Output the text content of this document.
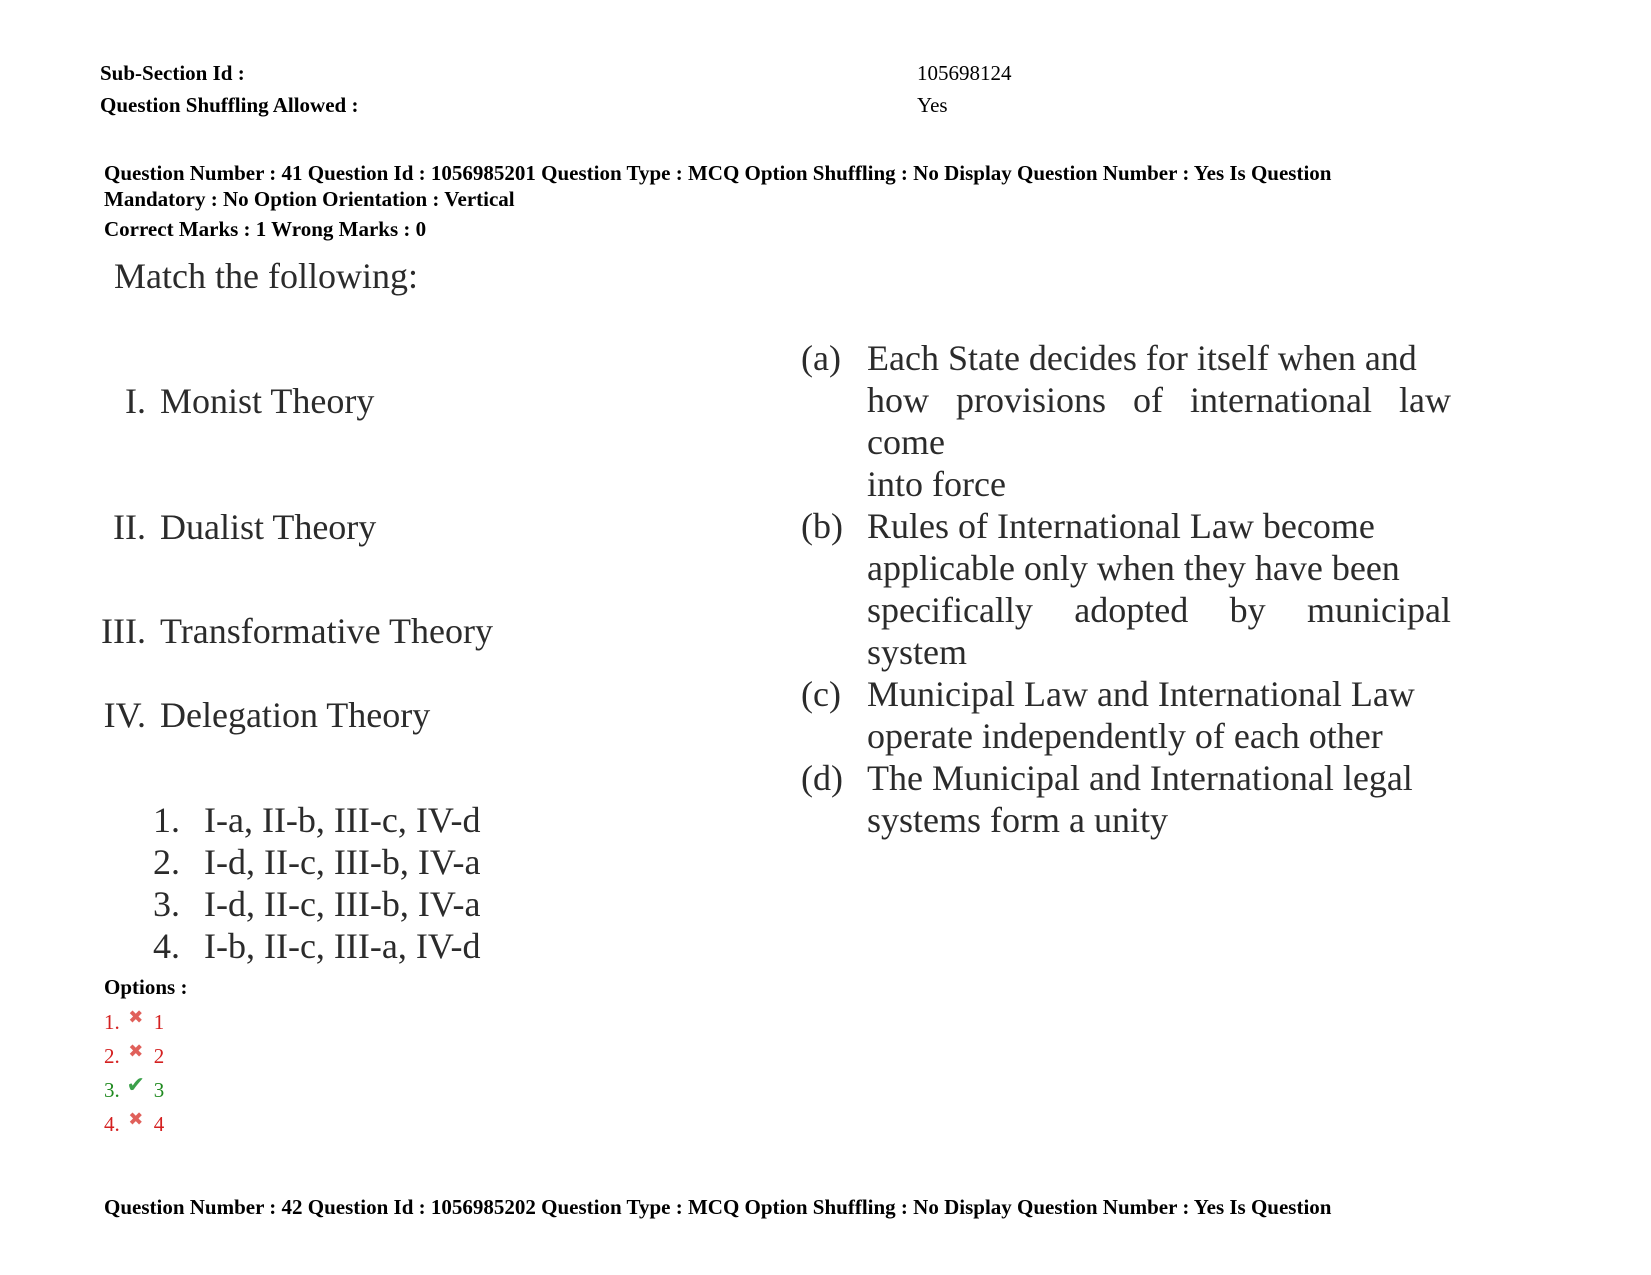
Sub-Section Id :	105698124
Question Shuffling Allowed :	Yes
Question Number : 41 Question Id : 1056985201 Question Type : MCQ Option Shuffling : No Display Question Number : Yes Is Question
Mandatory : No Option Orientation : Vertical
Correct Marks : 1 Wrong Marks : 0
Match the following:
I. Monist Theory
II. Dualist Theory
III. Transformative Theory
IV. Delegation Theory
(a) Each State decides for itself when and
how provisions of international law come
into force
(b) Rules of International Law become
applicable only when they have been
specifically adopted by municipal system
(c) Municipal Law and International Law
operate independently of each other
(d) The Municipal and International legal
systems form a unity
1. I-a, II-b, III-c, IV-d
2. I-d, II-c, III-b, IV-a
3. I-d, II-c, III-b, IV-a
4. I-b, II-c, III-a, IV-d
Options :
1. ✖ 1
2. ✖ 2
3. ✔ 3
4. ✖ 4
Question Number : 42 Question Id : 1056985202 Question Type : MCQ Option Shuffling : No Display Question Number : Yes Is Question
